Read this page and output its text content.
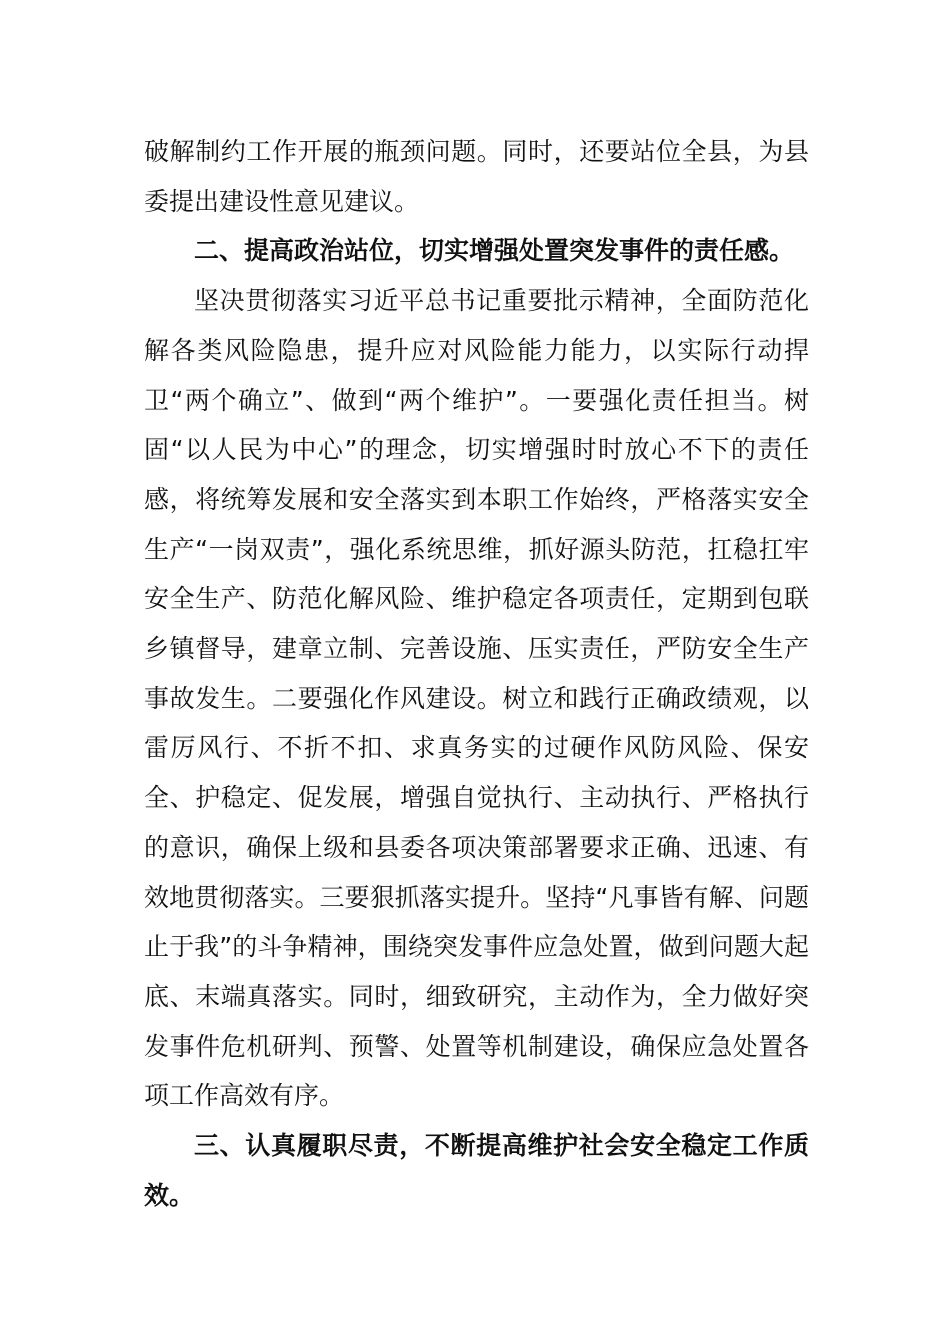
破解制约工作开展的瓶颈问题。同时，还要站位全县，为县委提出建设性意见建议。

二、提高政治站位，切实增强处置突发事件的责任感。

坚决贯彻落实习近平总书记重要批示精神，全面防范化解各类风险隐患，提升应对风险能力能力，以实际行动捍卫“两个确立”、做到“两个维护”。一要强化责任担当。树固“以人民为中心”的理念，切实增强时时放心不下的责任感，将统筹发展和安全落实到本职工作始终，严格落实安全生产“一岗双责”，强化系统思维，抓好源头防范，扛稳扛牢安全生产、防范化解风险、维护稳定各项责任，定期到包联乡镇督导，建章立制、完善设施、压实责任，严防安全生产事故发生。二要强化作风建设。树立和践行正确政绩观，以雷厉风行、不折不扣、求真务实的过硬作风防风险、保安全、护稳定、促发展，增强自觉执行、主动执行、严格执行的意识，确保上级和县委各项决策部署要求正确、迅速、有效地贯彻落实。三要狠抓落实提升。坚持“凡事皆有解、问题止于我”的斗争精神，围绕突发事件应急处置，做到问题大起底、末端真落实。同时，细致研究，主动作为，全力做好突发事件危机研判、预警、处置等机制建设，确保应急处置各项工作高效有序。

三、认真履职尽责，不断提高维护社会安全稳定工作质效。
